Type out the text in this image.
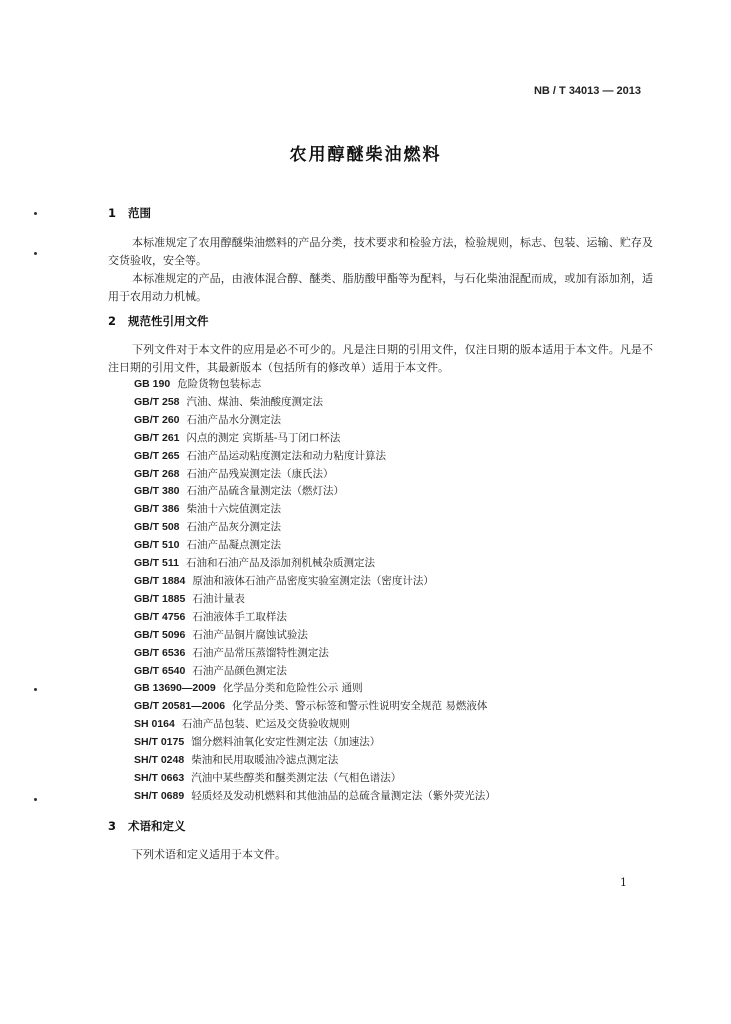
NB / T 34013 — 2013
农用醇醚柴油燃料
1 范围
本标准规定了农用醇醚柴油燃料的产品分类，技术要求和检验方法，检验规则，标志、包装、运输、贮存及交货验收，安全等。
本标准规定的产品，由液体混合醇、醚类、脂肪酸甲酯等为配料，与石化柴油混配而成，或加有添加剂，适用于农用动力机械。
2 规范性引用文件
下列文件对于本文件的应用是必不可少的。凡是注日期的引用文件，仅注日期的版本适用于本文件。凡是不注日期的引用文件，其最新版本（包括所有的修改单）适用于本文件。
GB 190 危险货物包装标志
GB/T 258 汽油、煤油、柴油酸度测定法
GB/T 260 石油产品水分测定法
GB/T 261 闪点的测定 宾斯基-马丁闭口杯法
GB/T 265 石油产品运动粘度测定法和动力粘度计算法
GB/T 268 石油产品残炭测定法（康氏法）
GB/T 380 石油产品硫含量测定法（燃灯法）
GB/T 386 柴油十六烷值测定法
GB/T 508 石油产品灰分测定法
GB/T 510 石油产品凝点测定法
GB/T 511 石油和石油产品及添加剂机械杂质测定法
GB/T 1884 原油和液体石油产品密度实验室测定法（密度计法）
GB/T 1885 石油计量表
GB/T 4756 石油液体手工取样法
GB/T 5096 石油产品铜片腐蚀试验法
GB/T 6536 石油产品常压蒸馏特性测定法
GB/T 6540 石油产品颜色测定法
GB 13690—2009 化学品分类和危险性公示 通则
GB/T 20581—2006 化学品分类、警示标签和警示性说明安全规范 易燃液体
SH 0164 石油产品包装、贮运及交货验收规则
SH/T 0175 馏分燃料油氧化安定性测定法（加速法）
SH/T 0248 柴油和民用取暖油冷滤点测定法
SH/T 0663 汽油中某些醇类和醚类测定法（气相色谱法）
SH/T 0689 轻质烃及发动机燃料和其他油品的总硫含量测定法（紫外荧光法）
3 术语和定义
下列术语和定义适用于本文件。
1
